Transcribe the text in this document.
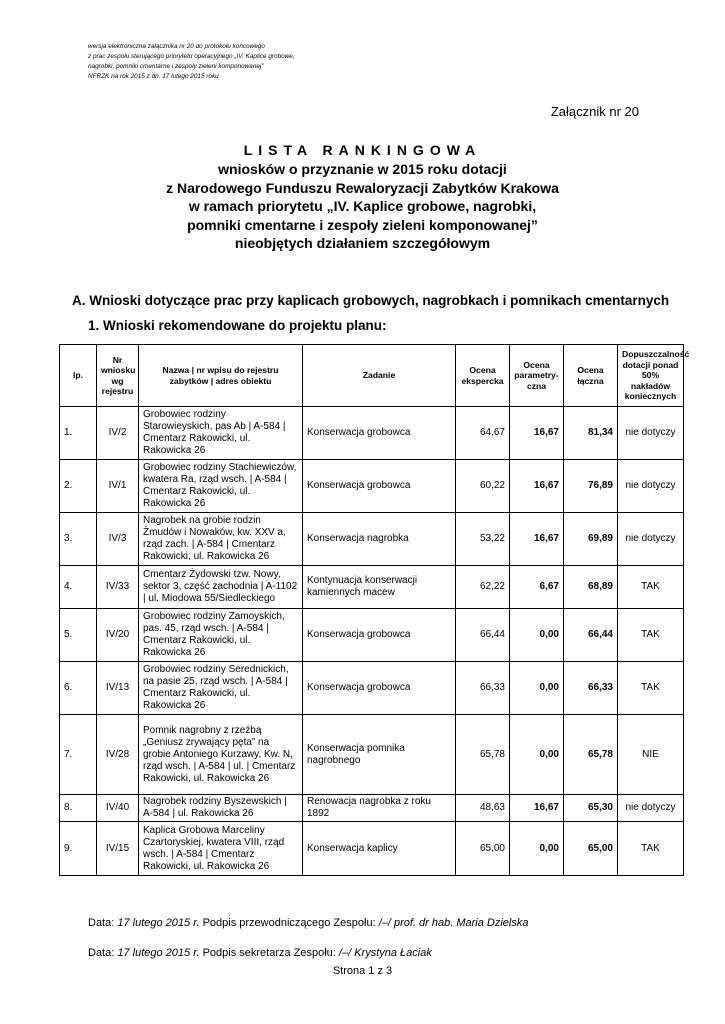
wersja elektroniczna załącznika nr 20 do protokołu końcowego
z prac zespołu sterującego priorytetu operacyjnego „IV. Kaplice grobowe,
nagrobki, pomniki cmentarne i zespoły zieleni komponowanej”
NFRZK na rok 2015 z dn. 17 lutego 2015 roku
Załącznik nr 20
LISTA RANKINGOWA
wniosków o przyznanie w 2015 roku dotacji
z Narodowego Funduszu Rewaloryzacji Zabytków Krakowa
w ramach priorytetu „IV. Kaplice grobowe, nagrobki,
pomniki cmentarne i zespoły zieleni komponowanej”
nieobjętych działaniem szczegółowym
A. Wnioski dotyczące prac przy kaplicach grobowych, nagrobkach i pomnikach cmentarnych
1. Wnioski rekomendowane do projektu planu:
lp.	Nr wniosku wg rejestru	Nazwa | nr wpisu do rejestru zabytków | adres obiektu	Zadanie	Ocena ekspercka	Ocena parametry-czna	Ocena łączna	Dopuszczalność dotacji ponad 50% nakładów koniecznych
1.	IV/2	Grobowiec rodziny Starowieyskich, pas Ab | A-584 | Cmentarz Rakowicki, ul. Rakowicka 26	Konserwacja grobowca	64,67	16,67	81,34	nie dotyczy
2.	IV/1	Grobowiec rodziny Stachiewiczów, kwatera Ra, rząd wsch. | A-584 | Cmentarz Rakowicki, ul. Rakowicka 26	Konserwacja grobowca	60,22	16,67	76,89	nie dotyczy
3.	IV/3	Nagrobek na grobie rodzin Żmudów i Nowaków, kw. XXV a, rząd zach. | A-584 | Cmentarz Rakowicki, ul. Rakowicka 26	Konserwacja nagrobka	53,22	16,67	69,89	nie dotyczy
4.	IV/33	Cmentarz Żydowski tzw. Nowy, sektor 3, część zachodnia | A-1102 | ul. Miodowa 55/Siedleckiego	Kontynuacja konserwacji kamiennych macew	62,22	6,67	68,89	TAK
5.	IV/20	Grobowiec rodziny Zamoyskich, pas. 45, rząd wsch. | A-584 | Cmentarz Rakowicki, ul. Rakowicka 26	Konserwacja grobowca	66,44	0,00	66,44	TAK
6.	IV/13	Grobowiec rodziny Serednickich, na pasie 25, rząd wsch. | A-584 | Cmentarz Rakowicki, ul. Rakowicka 26	Konserwacja grobowca	66,33	0,00	66,33	TAK
7.	IV/28	Pomnik nagrobny z rzeźbą „Geniusz zrywający pęta” na grobie Antoniego Kurzawy, Kw. N, rząd wsch. | A-584 | ul. | Cmentarz Rakowicki, ul. Rakowicka 26	Konserwacja pomnika nagrobnego	65,78	0,00	65,78	NIE
8.	IV/40	Nagrobek rodziny Byszewskich | A-584 | ul. Rakowicka 26	Renowacja nagrobka z roku 1892	48,63	16,67	65,30	nie dotyczy
9.	IV/15	Kaplica Grobowa Marceliny Czartoryskiej, kwatera VIII, rząd wsch. | A-584 | Cmentarz Rakowicki, ul. Rakowicka 26	Konserwacja kaplicy	65,00	0,00	65,00	TAK
Data: 17 lutego 2015 r. Podpis przewodniczącego Zespołu: /–/ prof. dr hab. Maria Dzielska
Data: 17 lutego 2015 r. Podpis sekretarza Zespołu: /–/ Krystyna Łaciak
Strona 1 z 3
